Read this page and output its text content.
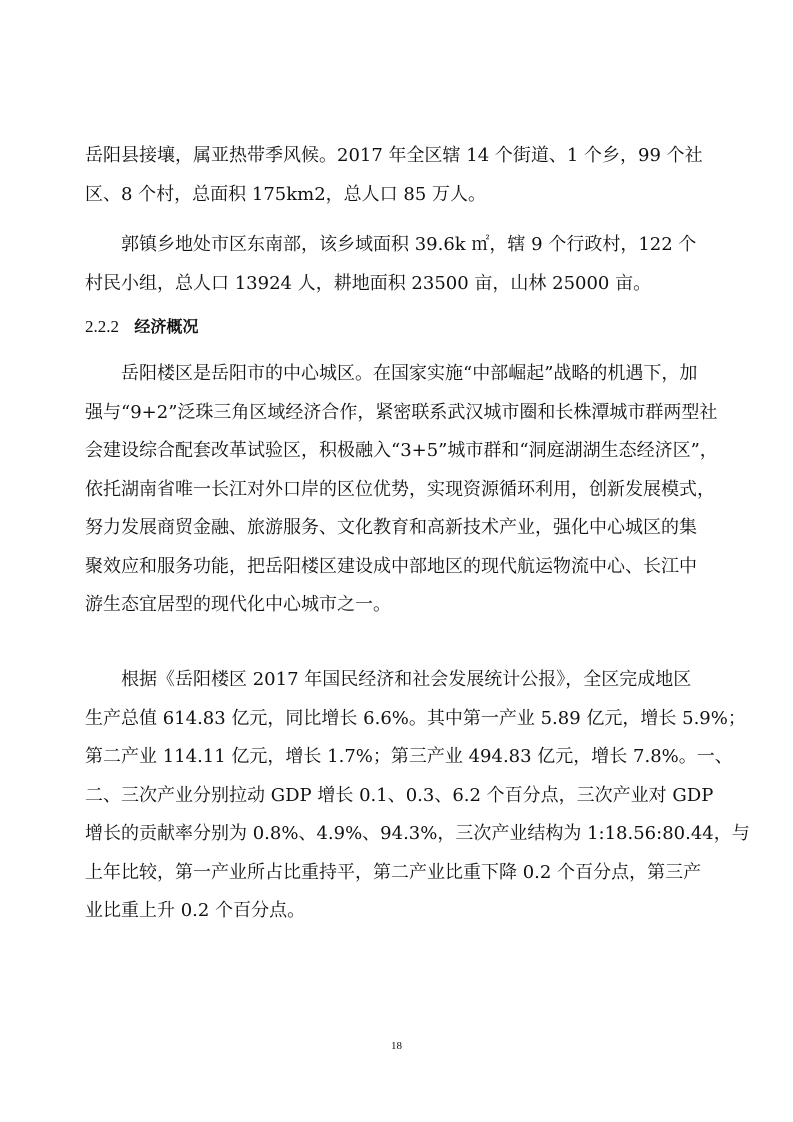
岳阳县接壤，属亚热带季风候。2017 年全区辖 14 个街道、1 个乡，99 个社
区、8 个村，总面积 175km2，总人口 85 万人。
郭镇乡地处市区东南部，该乡域面积 39.6k ㎡，辖 9 个行政村，122 个
村民小组，总人口 13924 人，耕地面积 23500 亩，山林 25000 亩。
2.2.2 经济概况
岳阳楼区是岳阳市的中心城区。在国家实施“中部崛起”战略的机遇下，加
强与“9+2”泛珠三角区域经济合作，紧密联系武汉城市圈和长株潭城市群两型社
会建设综合配套改革试验区，积极融入“3+5”城市群和“洞庭湖湖生态经济区”，
依托湖南省唯一长江对外口岸的区位优势，实现资源循环利用，创新发展模式，
努力发展商贸金融、旅游服务、文化教育和高新技术产业，强化中心城区的集
聚效应和服务功能，把岳阳楼区建设成中部地区的现代航运物流中心、长江中
游生态宜居型的现代化中心城市之一。
根据《岳阳楼区 2017 年国民经济和社会发展统计公报》，全区完成地区
生产总值 614.83 亿元，同比增长 6.6%。其中第一产业 5.89 亿元，增长 5.9%；
第二产业 114.11 亿元，增长 1.7%；第三产业 494.83 亿元，增长 7.8%。一、
二、三次产业分别拉动 GDP 增长 0.1、0.3、6.2 个百分点，三次产业对 GDP
增长的贡献率分别为 0.8%、4.9%、94.3%，三次产业结构为 1:18.56:80.44，与
上年比较，第一产业所占比重持平，第二产业比重下降 0.2 个百分点，第三产
业比重上升 0.2 个百分点。
18
